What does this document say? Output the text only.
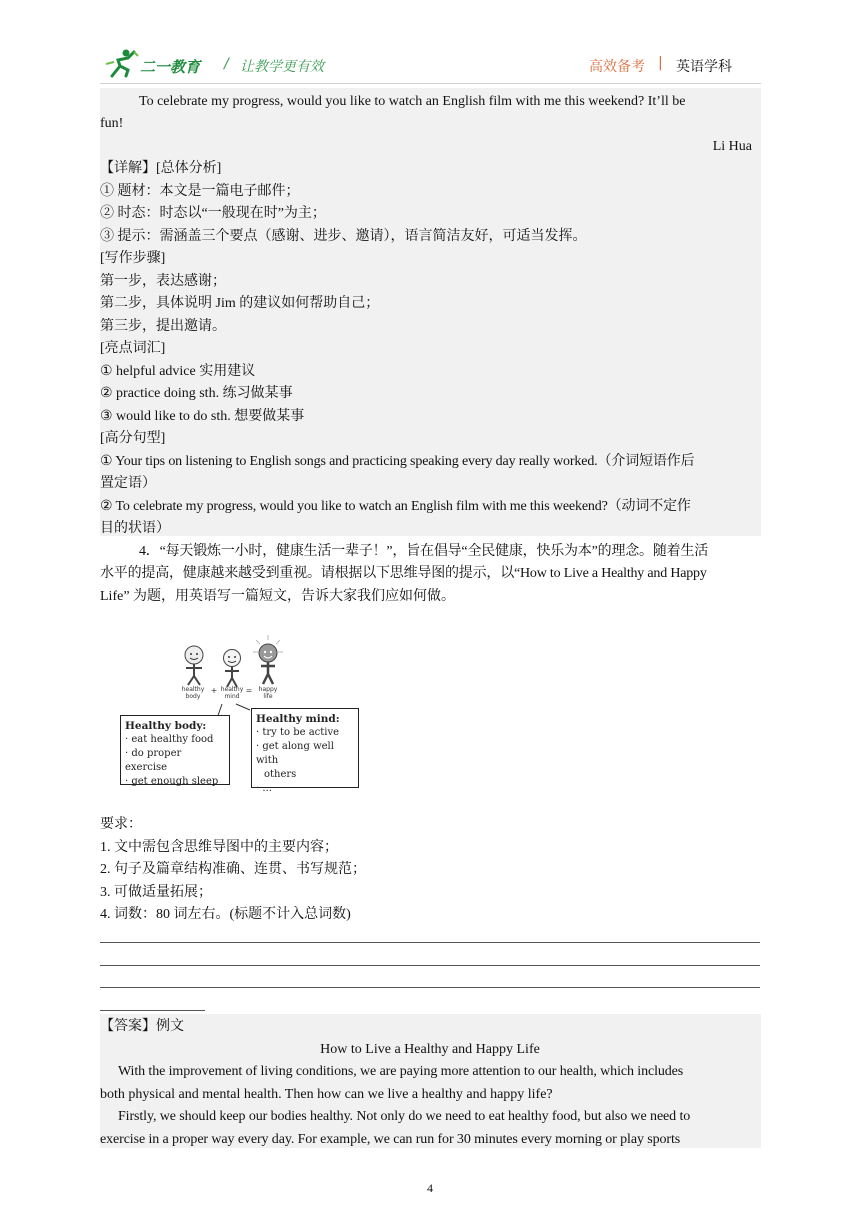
二一教育 / 让教学更有效	高效备考 | 英语学科
To celebrate my progress, would you like to watch an English film with me this weekend? It’ll be
fun!
Li Hua
【详解】[总体分析]
① 题材：本文是一篇电子邮件；
② 时态：时态以“一般现在时”为主；
③ 提示：需涵盖三个要点（感谢、进步、邀请），语言简洁友好，可适当发挥。
[写作步骤]
第一步，表达感谢；
第二步，具体说明 Jim 的建议如何帮助自己；
第三步，提出邀请。
[亮点词汇]
① helpful advice 实用建议
② practice doing sth. 练习做某事
③ would like to do sth. 想要做某事
[高分句型]
① Your tips on listening to English songs and practicing speaking every day really worked.（介词短语作后
置定语）
② To celebrate my progress, would you like to watch an English film with me this weekend?（动词不定作
目的状语）
4．“每天锻炼一小时，健康生活一辈子！”，旨在倡导“全民健康，快乐为本”的理念。随着生活
水平的提高，健康越来越受到重视。请根据以下思维导图的提示，以“How to Live a Healthy and Happy
Life” 为题，用英语写一篇短文，告诉大家我们应如何做。
healthy body
+ healthy mind
=	happy life
Healthy body:
· eat healthy food
· do proper exercise
· get enough sleep
Healthy mind:
· try to be active
· get along well with
others
· ...
要求：
1. 文中需包含思维导图中的主要内容；
2. 句子及篇章结构准确、连贯、书写规范；
3. 可做适量拓展；
4. 词数：80 词左右。(标题不计入总词数)
【答案】例文
How to Live a Healthy and Happy Life
With the improvement of living conditions, we are paying more attention to our health, which includes
both physical and mental health. Then how can we live a healthy and happy life?
Firstly, we should keep our bodies healthy. Not only do we need to eat healthy food, but also we need to
exercise in a proper way every day. For example, we can run for 30 minutes every morning or play sports
4
